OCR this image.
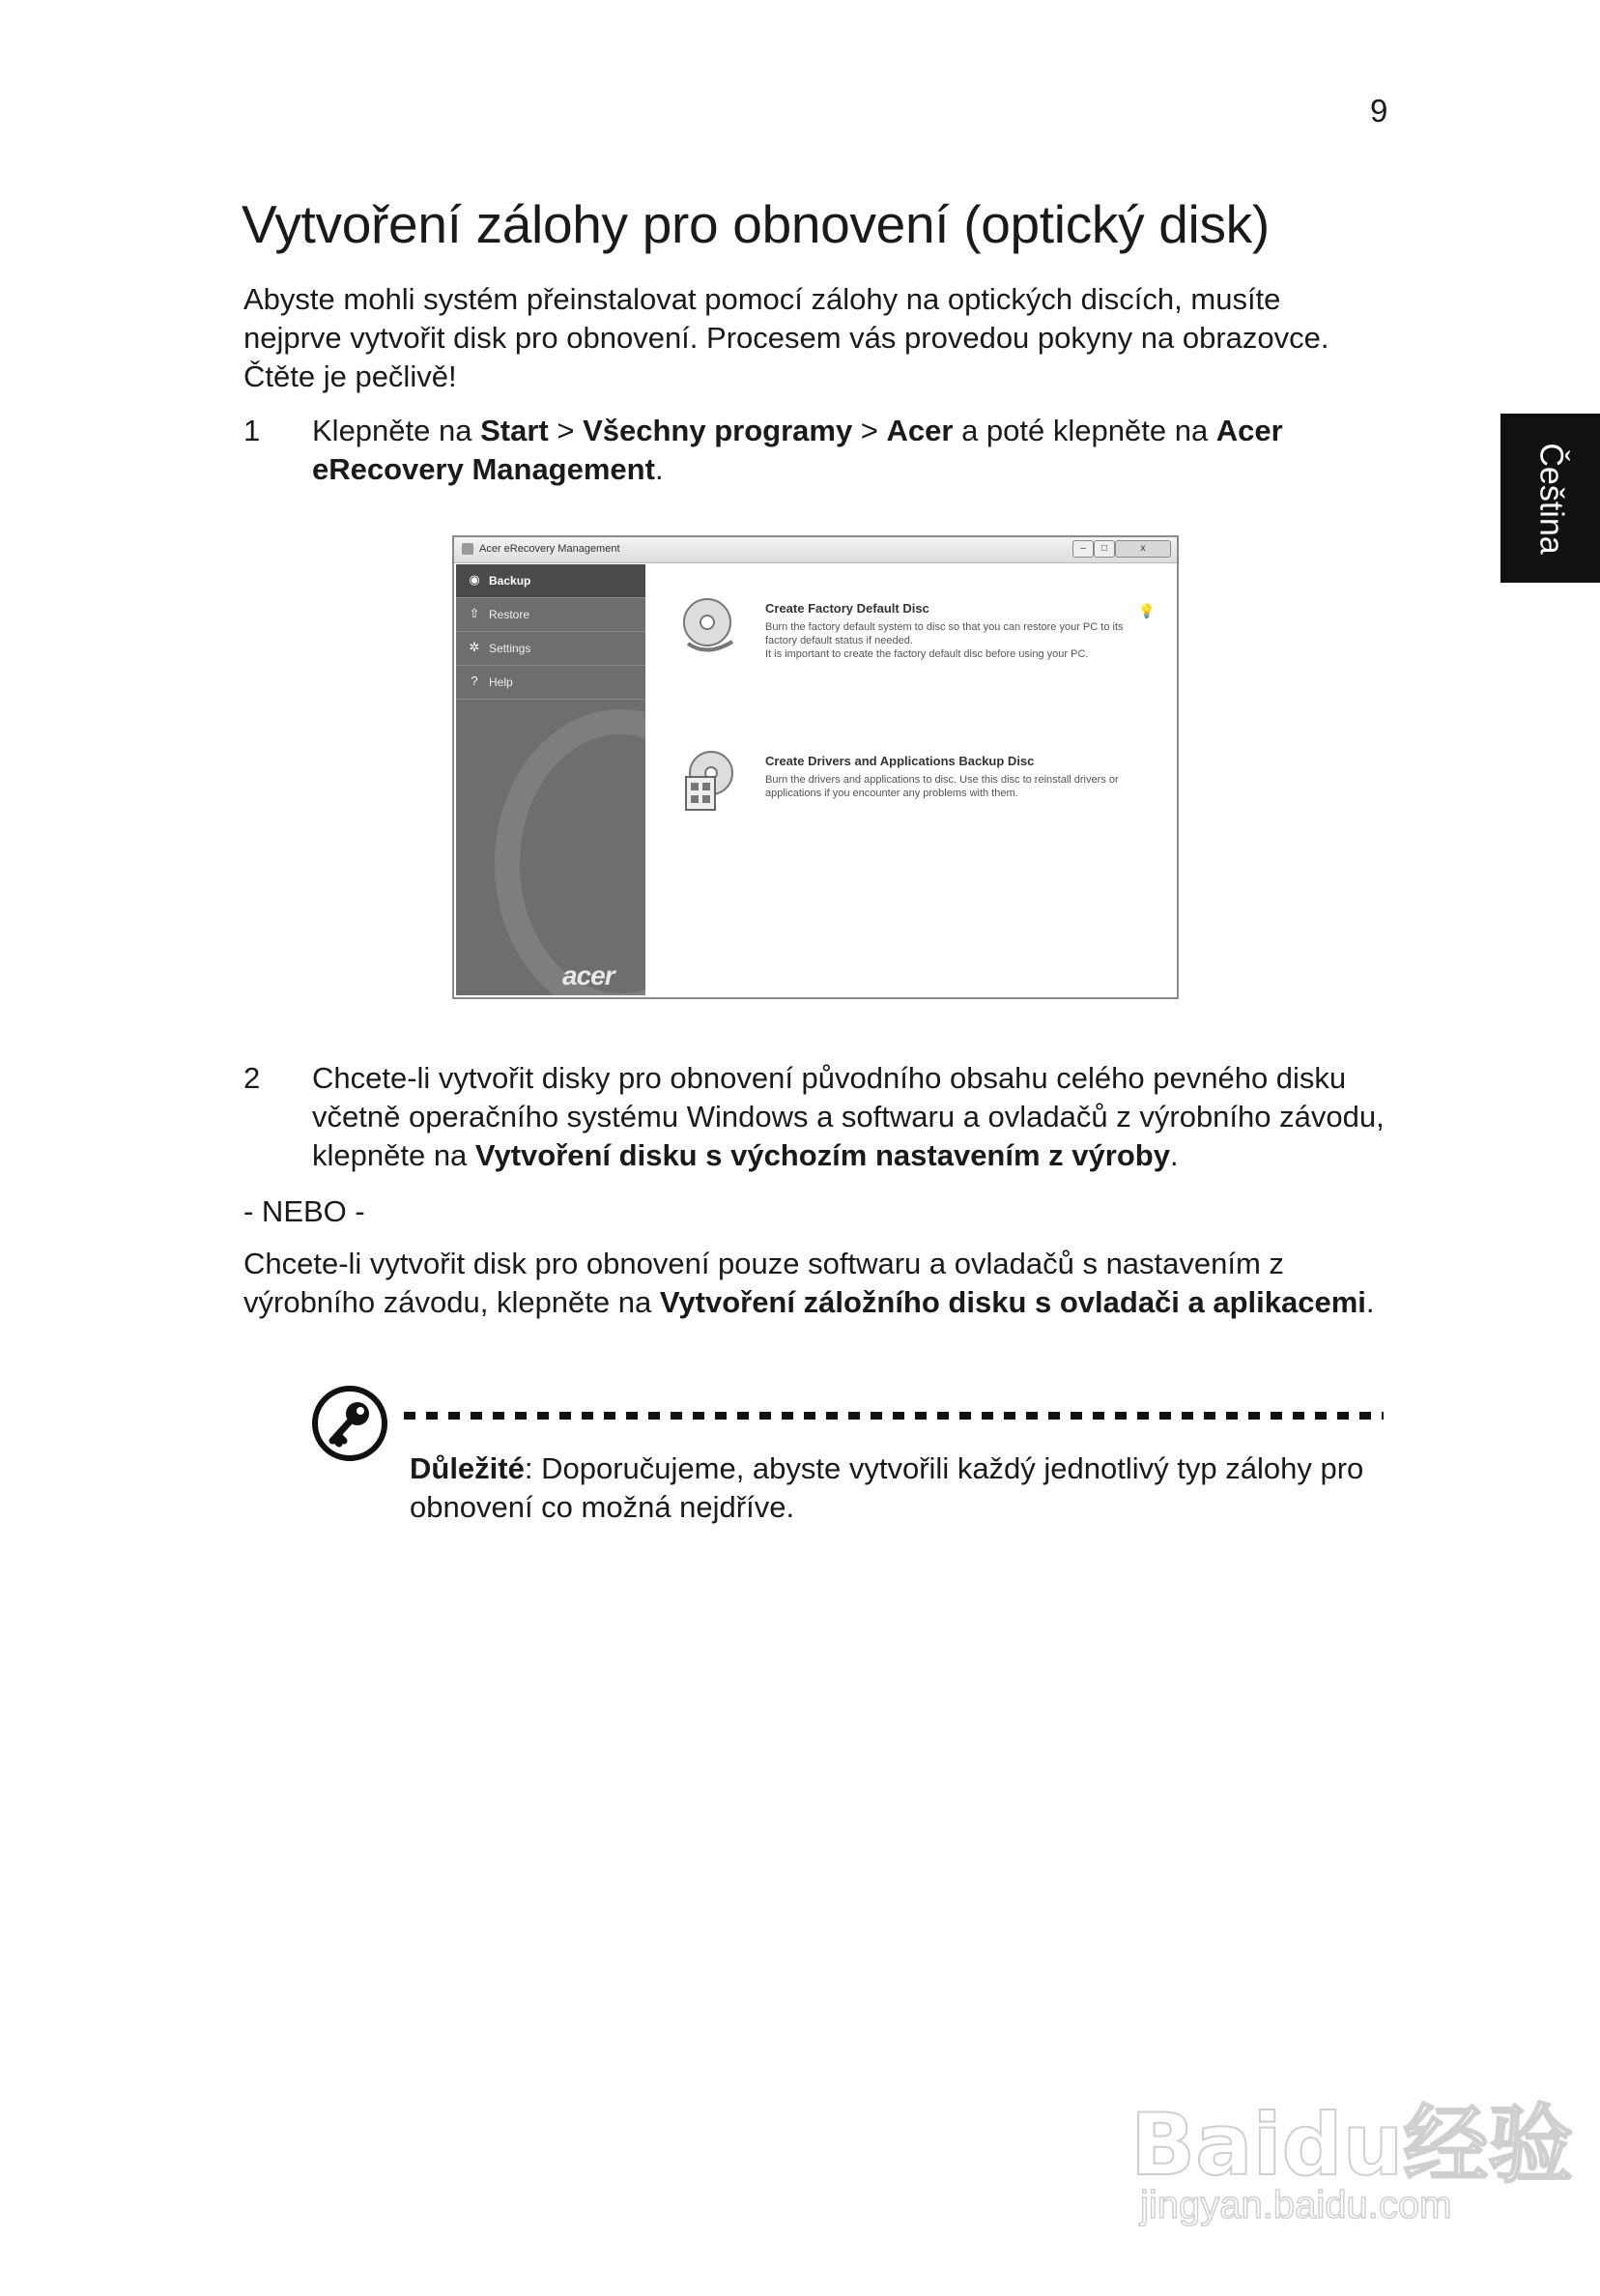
9
Čeština
Vytvoření zálohy pro obnovení (optický disk)
Abyste mohli systém přeinstalovat pomocí zálohy na optických discích, musíte nejprve vytvořit disk pro obnovení. Procesem vás provedou pokyny na obrazovce. Čtěte je pečlivě!
1 Klepněte na Start > Všechny programy > Acer a poté klepněte na Acer eRecovery Management.
Acer eRecovery Management	–	□	x
◉ Backup
⇧ Restore
✲ Settings
? Help
acer
💡
Create Factory Default Disc
Burn the factory default system to disc so that you can restore your PC to its factory default status if needed.
It is important to create the factory default disc before using your PC.
Create Drivers and Applications Backup Disc
Burn the drivers and applications to disc. Use this disc to reinstall drivers or applications if you encounter any problems with them.
2 Chcete-li vytvořit disky pro obnovení původního obsahu celého pevného disku včetně operačního systému Windows a softwaru a ovladačů z výrobního závodu, klepněte na Vytvoření disku s výchozím nastavením z výroby.
- NEBO -
Chcete-li vytvořit disk pro obnovení pouze softwaru a ovladačů s nastavením z výrobního závodu, klepněte na Vytvoření záložního disku s ovladači a aplikacemi.
Důležité: Doporučujeme, abyste vytvořili každý jednotlivý typ zálohy pro obnovení co možná nejdříve.
Baidu经验
jingyan.baidu.com
